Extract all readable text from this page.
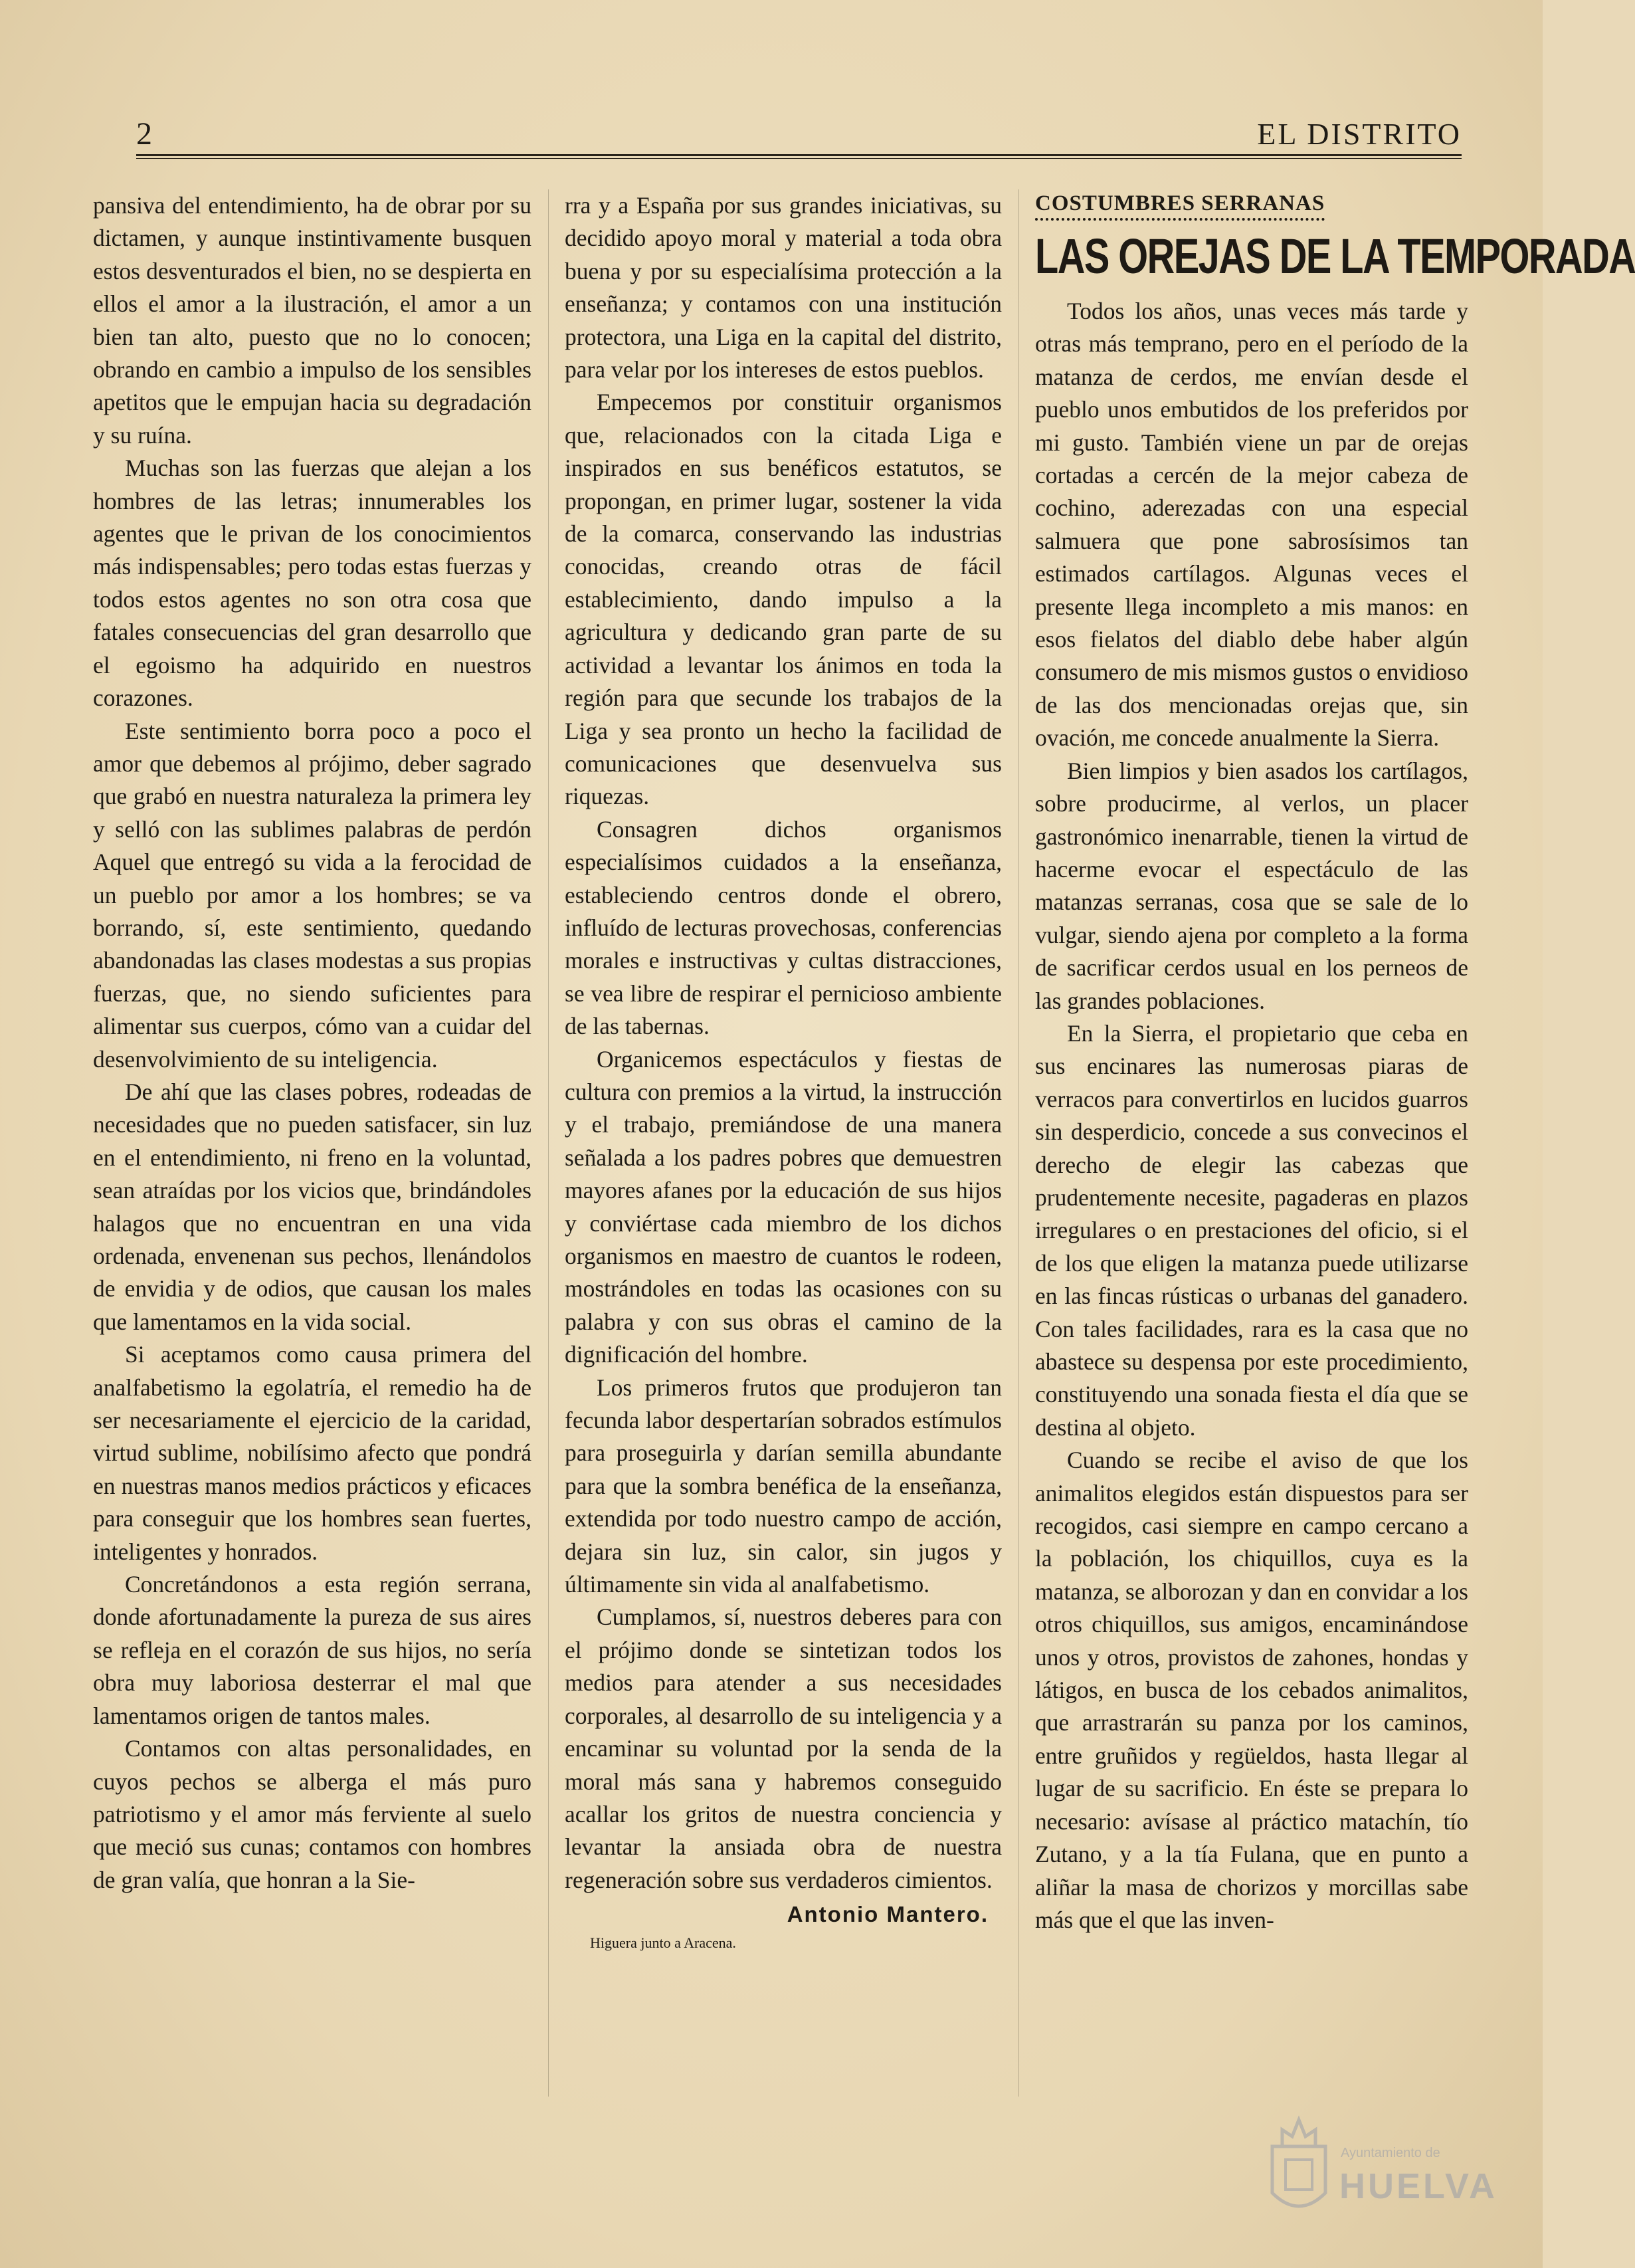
2	EL DISTRITO

pansiva del entendimiento, ha de obrar por su dictamen, y aunque instintivamente busquen estos desventurados el bien, no se despierta en ellos el amor a la ilustración, el amor a un bien tan alto, puesto que no lo conocen; obrando en cambio a impulso de los sensibles apetitos que le empujan hacia su degradación y su ruína.

Muchas son las fuerzas que alejan a los hombres de las letras; innumerables los agentes que le privan de los conocimientos más indispensables; pero todas estas fuerzas y todos estos agentes no son otra cosa que fatales consecuencias del gran desarrollo que el egoismo ha adquirido en nuestros corazones.

Este sentimiento borra poco a poco el amor que debemos al prójimo, deber sagrado que grabó en nuestra naturaleza la primera ley y selló con las sublimes palabras de perdón Aquel que entregó su vida a la ferocidad de un pueblo por amor a los hombres; se va borrando, sí, este sentimiento, quedando abandonadas las clases modestas a sus propias fuerzas, que, no siendo suficientes para alimentar sus cuerpos, cómo van a cuidar del desenvolvimiento de su inteligencia.

De ahí que las clases pobres, rodeadas de necesidades que no pueden satisfacer, sin luz en el entendimiento, ni freno en la voluntad, sean atraídas por los vicios que, brindándoles halagos que no encuentran en una vida ordenada, envenenan sus pechos, llenándolos de envidia y de odios, que causan los males que lamentamos en la vida social.

Si aceptamos como causa primera del analfabetismo la egolatría, el remedio ha de ser necesariamente el ejercicio de la caridad, virtud sublime, nobilísimo afecto que pondrá en nuestras manos medios prácticos y eficaces para conseguir que los hombres sean fuertes, inteligentes y honrados.

Concretándonos a esta región serrana, donde afortunadamente la pureza de sus aires se refleja en el corazón de sus hijos, no sería obra muy laboriosa desterrar el mal que lamentamos origen de tantos males.

Contamos con altas personalidades, en cuyos pechos se alberga el más puro patriotismo y el amor más ferviente al suelo que meció sus cunas; contamos con hombres de gran valía, que honran a la Sie-

rra y a España por sus grandes iniciativas, su decidido apoyo moral y material a toda obra buena y por su especialísima protección a la enseñanza; y contamos con una institución protectora, una Liga en la capital del distrito, para velar por los intereses de estos pueblos.

Empecemos por constituir organismos que, relacionados con la citada Liga e inspirados en sus benéficos estatutos, se propongan, en primer lugar, sostener la vida de la comarca, conservando las industrias conocidas, creando otras de fácil establecimiento, dando impulso a la agricultura y dedicando gran parte de su actividad a levantar los ánimos en toda la región para que secunde los trabajos de la Liga y sea pronto un hecho la facilidad de comunicaciones que desenvuelva sus riquezas.

Consagren dichos organismos especialísimos cuidados a la enseñanza, estableciendo centros donde el obrero, influído de lecturas provechosas, conferencias morales e instructivas y cultas distracciones, se vea libre de respirar el pernicioso ambiente de las tabernas.

Organicemos espectáculos y fiestas de cultura con premios a la virtud, la instrucción y el trabajo, premiándose de una manera señalada a los padres pobres que demuestren mayores afanes por la educación de sus hijos y conviértase cada miembro de los dichos organismos en maestro de cuantos le rodeen, mostrándoles en todas las ocasiones con su palabra y con sus obras el camino de la dignificación del hombre.

Los primeros frutos que produjeron tan fecunda labor despertarían sobrados estímulos para proseguirla y darían semilla abundante para que la sombra benéfica de la enseñanza, extendida por todo nuestro campo de acción, dejara sin luz, sin calor, sin jugos y últimamente sin vida al analfabetismo.

Cumplamos, sí, nuestros deberes para con el prójimo donde se sintetizan todos los medios para atender a sus necesidades corporales, al desarrollo de su inteligencia y a encaminar su voluntad por la senda de la moral más sana y habremos conseguido acallar los gritos de nuestra conciencia y levantar la ansiada obra de nuestra regeneración sobre sus verdaderos cimientos.

Antonio Mantero.
Higuera junto a Aracena.
COSTUMBRES SERRANAS
LAS OREJAS DE LA TEMPORADA

Todos los años, unas veces más tarde y otras más temprano, pero en el período de la matanza de cerdos, me envían desde el pueblo unos embutidos de los preferidos por mi gusto. También viene un par de orejas cortadas a cercén de la mejor cabeza de cochino, aderezadas con una especial salmuera que pone sabrosísimos tan estimados cartílagos. Algunas veces el presente llega incompleto a mis manos: en esos fielatos del diablo debe haber algún consumero de mis mismos gustos o envidioso de las dos mencionadas orejas que, sin ovación, me concede anualmente la Sierra.

Bien limpios y bien asados los cartílagos, sobre producirme, al verlos, un placer gastronómico inenarrable, tienen la virtud de hacerme evocar el espectáculo de las matanzas serranas, cosa que se sale de lo vulgar, siendo ajena por completo a la forma de sacrificar cerdos usual en los perneos de las grandes poblaciones.

En la Sierra, el propietario que ceba en sus encinares las numerosas piaras de verracos para convertirlos en lucidos guarros sin desperdicio, concede a sus convecinos el derecho de elegir las cabezas que prudentemente necesite, pagaderas en plazos irregulares o en prestaciones del oficio, si el de los que eligen la matanza puede utilizarse en las fincas rústicas o urbanas del ganadero. Con tales facilidades, rara es la casa que no abastece su despensa por este procedimiento, constituyendo una sonada fiesta el día que se destina al objeto.

Cuando se recibe el aviso de que los animalitos elegidos están dispuestos para ser recogidos, casi siempre en campo cercano a la población, los chiquillos, cuya es la matanza, se alborozan y dan en convidar a los otros chiquillos, sus amigos, encaminándose unos y otros, provistos de zahones, hondas y látigos, en busca de los cebados animalitos, que arrastrarán su panza por los caminos, entre gruñidos y regüeldos, hasta llegar al lugar de su sacrificio. En éste se prepara lo necesario: avísase al práctico matachín, tío Zutano, y a la tía Fulana, que en punto a aliñar la masa de chorizos y morcillas sabe más que el que las inven-

Ayuntamiento de
HUELVA
